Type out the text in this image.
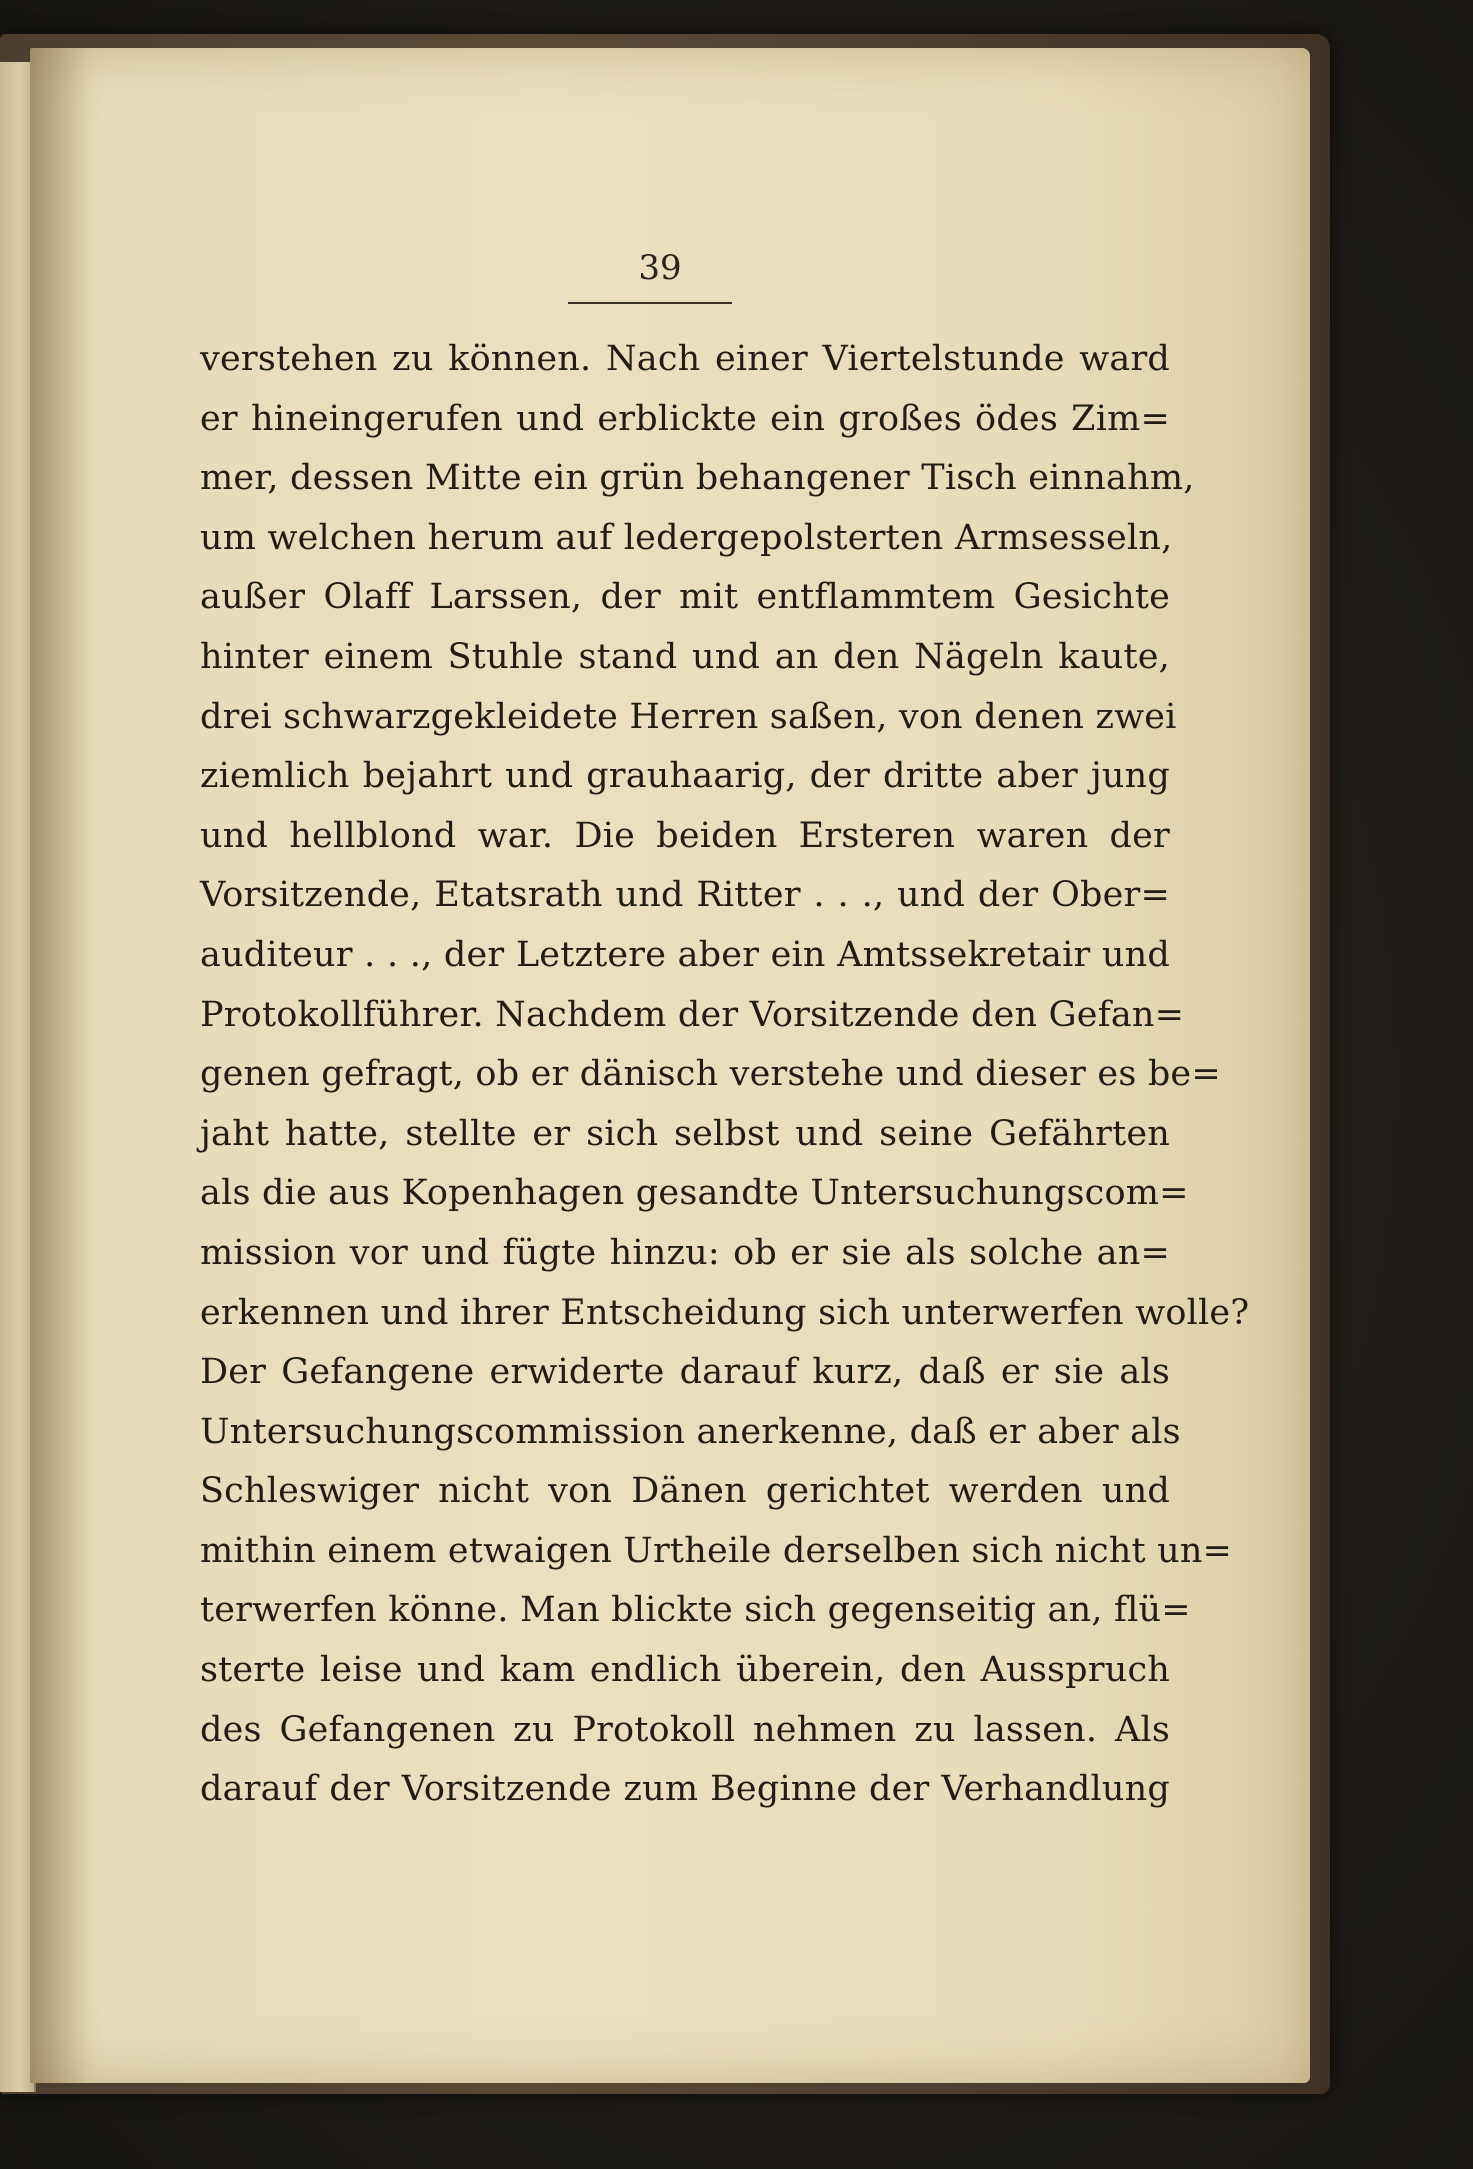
39
verstehen zu können. Nach einer Viertelstunde ward
er hineingerufen und erblickte ein großes ödes Zim=
mer, dessen Mitte ein grün behangener Tisch einnahm,
um welchen herum auf ledergepolsterten Armsesseln,
außer Olaff Larssen, der mit entflammtem Gesichte
hinter einem Stuhle stand und an den Nägeln kaute,
drei schwarzgekleidete Herren saßen, von denen zwei
ziemlich bejahrt und grauhaarig, der dritte aber jung
und hellblond war. Die beiden Ersteren waren der
Vorsitzende, Etatsrath und Ritter . . ., und der Ober=
auditeur . . ., der Letztere aber ein Amtssekretair und
Protokollführer. Nachdem der Vorsitzende den Gefan=
genen gefragt, ob er dänisch verstehe und dieser es be=
jaht hatte, stellte er sich selbst und seine Gefährten
als die aus Kopenhagen gesandte Untersuchungscom=
mission vor und fügte hinzu: ob er sie als solche an=
erkennen und ihrer Entscheidung sich unterwerfen wolle?
Der Gefangene erwiderte darauf kurz, daß er sie als
Untersuchungscommission anerkenne, daß er aber als
Schleswiger nicht von Dänen gerichtet werden und
mithin einem etwaigen Urtheile derselben sich nicht un=
terwerfen könne. Man blickte sich gegenseitig an, flü=
sterte leise und kam endlich überein, den Ausspruch
des Gefangenen zu Protokoll nehmen zu lassen. Als
darauf der Vorsitzende zum Beginne der Verhandlung
